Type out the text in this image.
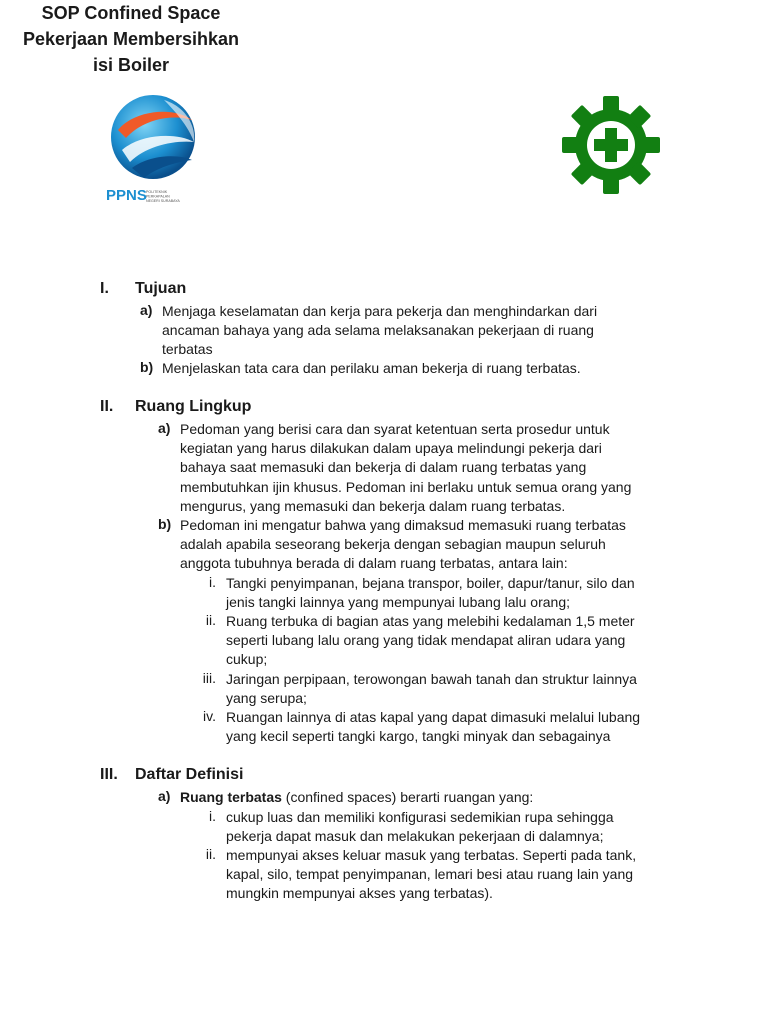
PPNS POLITEKNIK
PERKAPALAN
NEGERI SURABAYA
SOP Confined Space
Pekerjaan Membersihkan
isi Boiler
I. Tujuan
a) Menjaga keselamatan dan kerja para pekerja dan menghindarkan dari
ancaman bahaya yang ada selama melaksanakan pekerjaan di ruang
terbatas
b) Menjelaskan tata cara dan perilaku aman bekerja di ruang terbatas.
II. Ruang Lingkup
a) Pedoman yang berisi cara dan syarat ketentuan serta prosedur untuk
kegiatan yang harus dilakukan dalam upaya melindungi pekerja dari
bahaya saat memasuki dan bekerja di dalam ruang terbatas yang
membutuhkan ijin khusus. Pedoman ini berlaku untuk semua orang yang
mengurus, yang memasuki dan bekerja dalam ruang terbatas.
b) Pedoman ini mengatur bahwa yang dimaksud memasuki ruang terbatas
adalah apabila seseorang bekerja dengan sebagian maupun seluruh
anggota tubuhnya berada di dalam ruang terbatas, antara lain:
i. Tangki penyimpanan, bejana transpor, boiler, dapur/tanur, silo dan
jenis tangki lainnya yang mempunyai lubang lalu orang;
ii. Ruang terbuka di bagian atas yang melebihi kedalaman 1,5 meter
seperti lubang lalu orang yang tidak mendapat aliran udara yang
cukup;
iii. Jaringan perpipaan, terowongan bawah tanah dan struktur lainnya
yang serupa;
iv. Ruangan lainnya di atas kapal yang dapat dimasuki melalui lubang
yang kecil seperti tangki kargo, tangki minyak dan sebagainya
III. Daftar Definisi
a) Ruang terbatas (confined spaces) berarti ruangan yang:
i. cukup luas dan memiliki konfigurasi sedemikian rupa sehingga
pekerja dapat masuk dan melakukan pekerjaan di dalamnya;
ii. mempunyai akses keluar masuk yang terbatas. Seperti pada tank,
kapal, silo, tempat penyimpanan, lemari besi atau ruang lain yang
mungkin mempunyai akses yang terbatas).
